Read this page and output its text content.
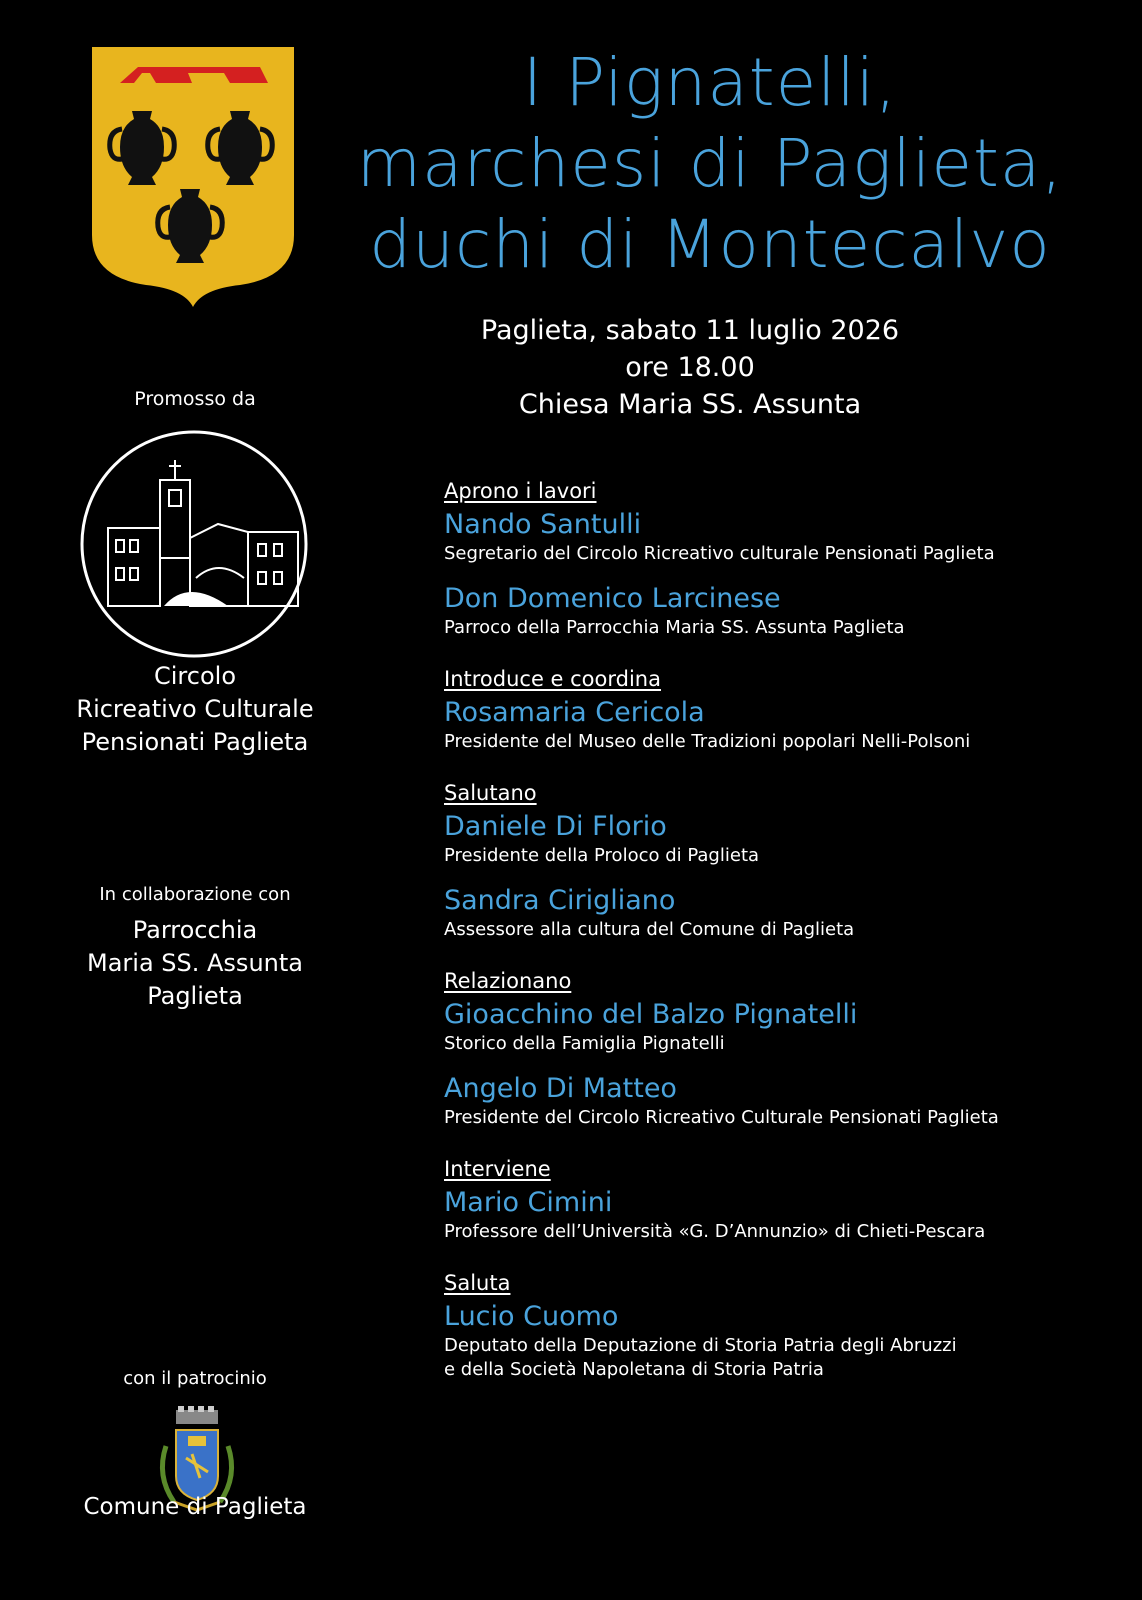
I Pignatelli,
marchesi di Paglieta,
duchi di Montecalvo
Paglieta, sabato 11 luglio 2026
ore 18.00
Chiesa Maria SS. Assunta
Promosso da
Circolo
Ricreativo Culturale
Pensionati Paglieta
In collaborazione con
Parrocchia
Maria SS. Assunta
Paglieta
con il patrocinio
Comune di Paglieta
Aprono i lavori
Nando Santulli
Segretario del Circolo Ricreativo culturale Pensionati Paglieta
Don Domenico Larcinese
Parroco della Parrocchia Maria SS. Assunta Paglieta
Introduce e coordina
Rosamaria Cericola
Presidente del Museo delle Tradizioni popolari Nelli-Polsoni
Salutano
Daniele Di Florio
Presidente della Proloco di Paglieta
Sandra Cirigliano
Assessore alla cultura del Comune di Paglieta
Relazionano
Gioacchino del Balzo Pignatelli
Storico della Famiglia Pignatelli
Angelo Di Matteo
Presidente del Circolo Ricreativo Culturale Pensionati Paglieta
Interviene
Mario Cimini
Professore dell’Università «G. D’Annunzio» di Chieti-Pescara
Saluta
Lucio Cuomo
Deputato della Deputazione di Storia Patria degli Abruzzi
e della Società Napoletana di Storia Patria
